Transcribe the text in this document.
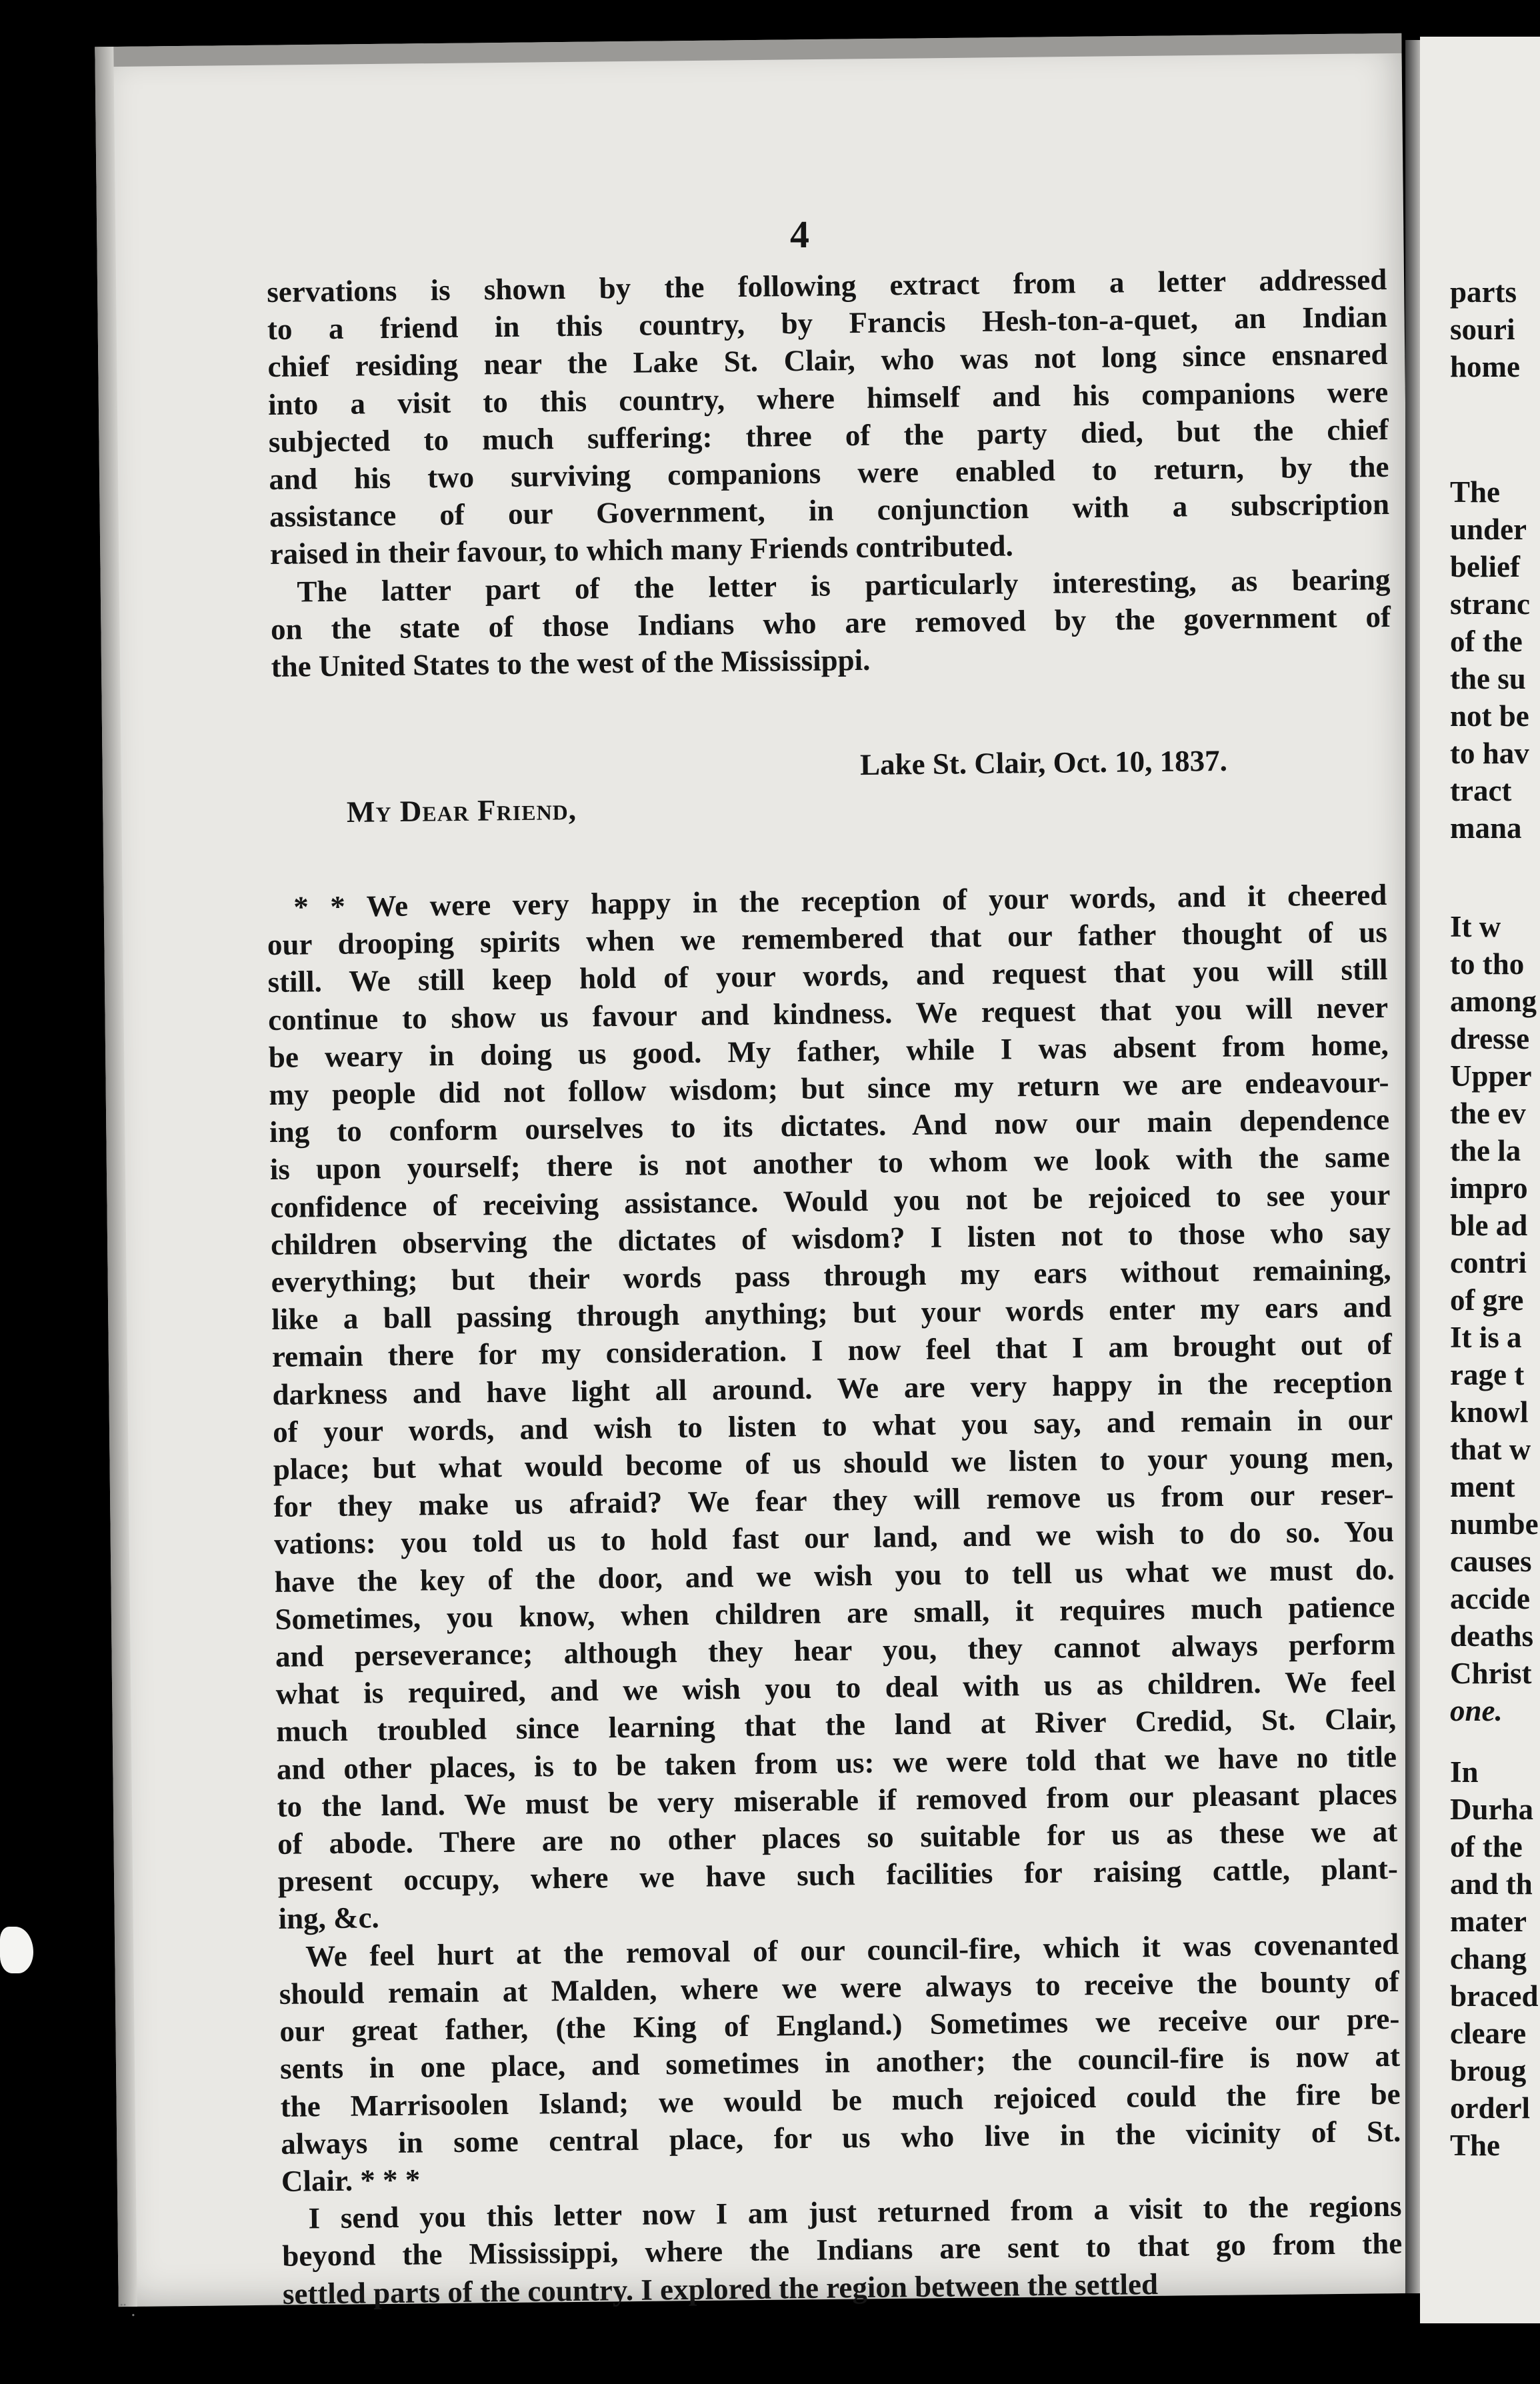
4
servations is shown by the following extract from a letter addressed
to a friend in this country, by Francis Hesh-ton-a-quet, an Indian
chief residing near the Lake St. Clair, who was not long since ensnared
into a visit to this country, where himself and his companions were
subjected to much suffering: three of the party died, but the chief
and his two surviving companions were enabled to return, by the
assistance of our Government, in conjunction with a subscription
raised in their favour, to which many Friends contributed.
The latter part of the letter is particularly interesting, as bearing
on the state of those Indians who are removed by the government of
the United States to the west of the Mississippi.
Lake St. Clair, Oct. 10, 1837.
My Dear Friend,
* * We were very happy in the reception of your words, and it cheered
our drooping spirits when we remembered that our father thought of us
still. We still keep hold of your words, and request that you will still
continue to show us favour and kindness. We request that you will never
be weary in doing us good. My father, while I was absent from home,
my people did not follow wisdom; but since my return we are endeavour-
ing to conform ourselves to its dictates. And now our main dependence
is upon yourself; there is not another to whom we look with the same
confidence of receiving assistance. Would you not be rejoiced to see your
children observing the dictates of wisdom? I listen not to those who say
everything; but their words pass through my ears without remaining,
like a ball passing through anything; but your words enter my ears and
remain there for my consideration. I now feel that I am brought out of
darkness and have light all around. We are very happy in the reception
of your words, and wish to listen to what you say, and remain in our
place; but what would become of us should we listen to your young men,
for they make us afraid? We fear they will remove us from our reser-
vations: you told us to hold fast our land, and we wish to do so. You
have the key of the door, and we wish you to tell us what we must do.
Sometimes, you know, when children are small, it requires much patience
and perseverance; although they hear you, they cannot always perform
what is required, and we wish you to deal with us as children. We feel
much troubled since learning that the land at River Credid, St. Clair,
and other places, is to be taken from us: we were told that we have no title
to the land. We must be very miserable if removed from our pleasant places
of abode. There are no other places so suitable for us as these we at
present occupy, where we have such facilities for raising cattle, plant-
ing, &c.
We feel hurt at the removal of our council-fire, which it was covenanted
should remain at Malden, where we were always to receive the bounty of
our great father, (the King of England.) Sometimes we receive our pre-
sents in one place, and sometimes in another; the council-fire is now at
the Marrisoolen Island; we would be much rejoiced could the fire be
always in some central place, for us who live in the vicinity of St.
Clair. * * *
I send you this letter now I am just returned from a visit to the regions
beyond the Mississippi, where the Indians are sent to that go from the
settled parts of the country. I explored the region between the settled
parts
souri
home
The
under
belief
stranc
of the
the su
not be
to hav
tract
mana
It w
to tho
among
dresse
Upper
the ev
the la
impro
ble ad
contri
of gre
It is a
rage t
knowl
that w
ment
numbe
causes
accide
deaths
Christ
one.
In
Durha
of the
and th
mater
chang
braced
cleare
broug
orderl
The
¨ .
